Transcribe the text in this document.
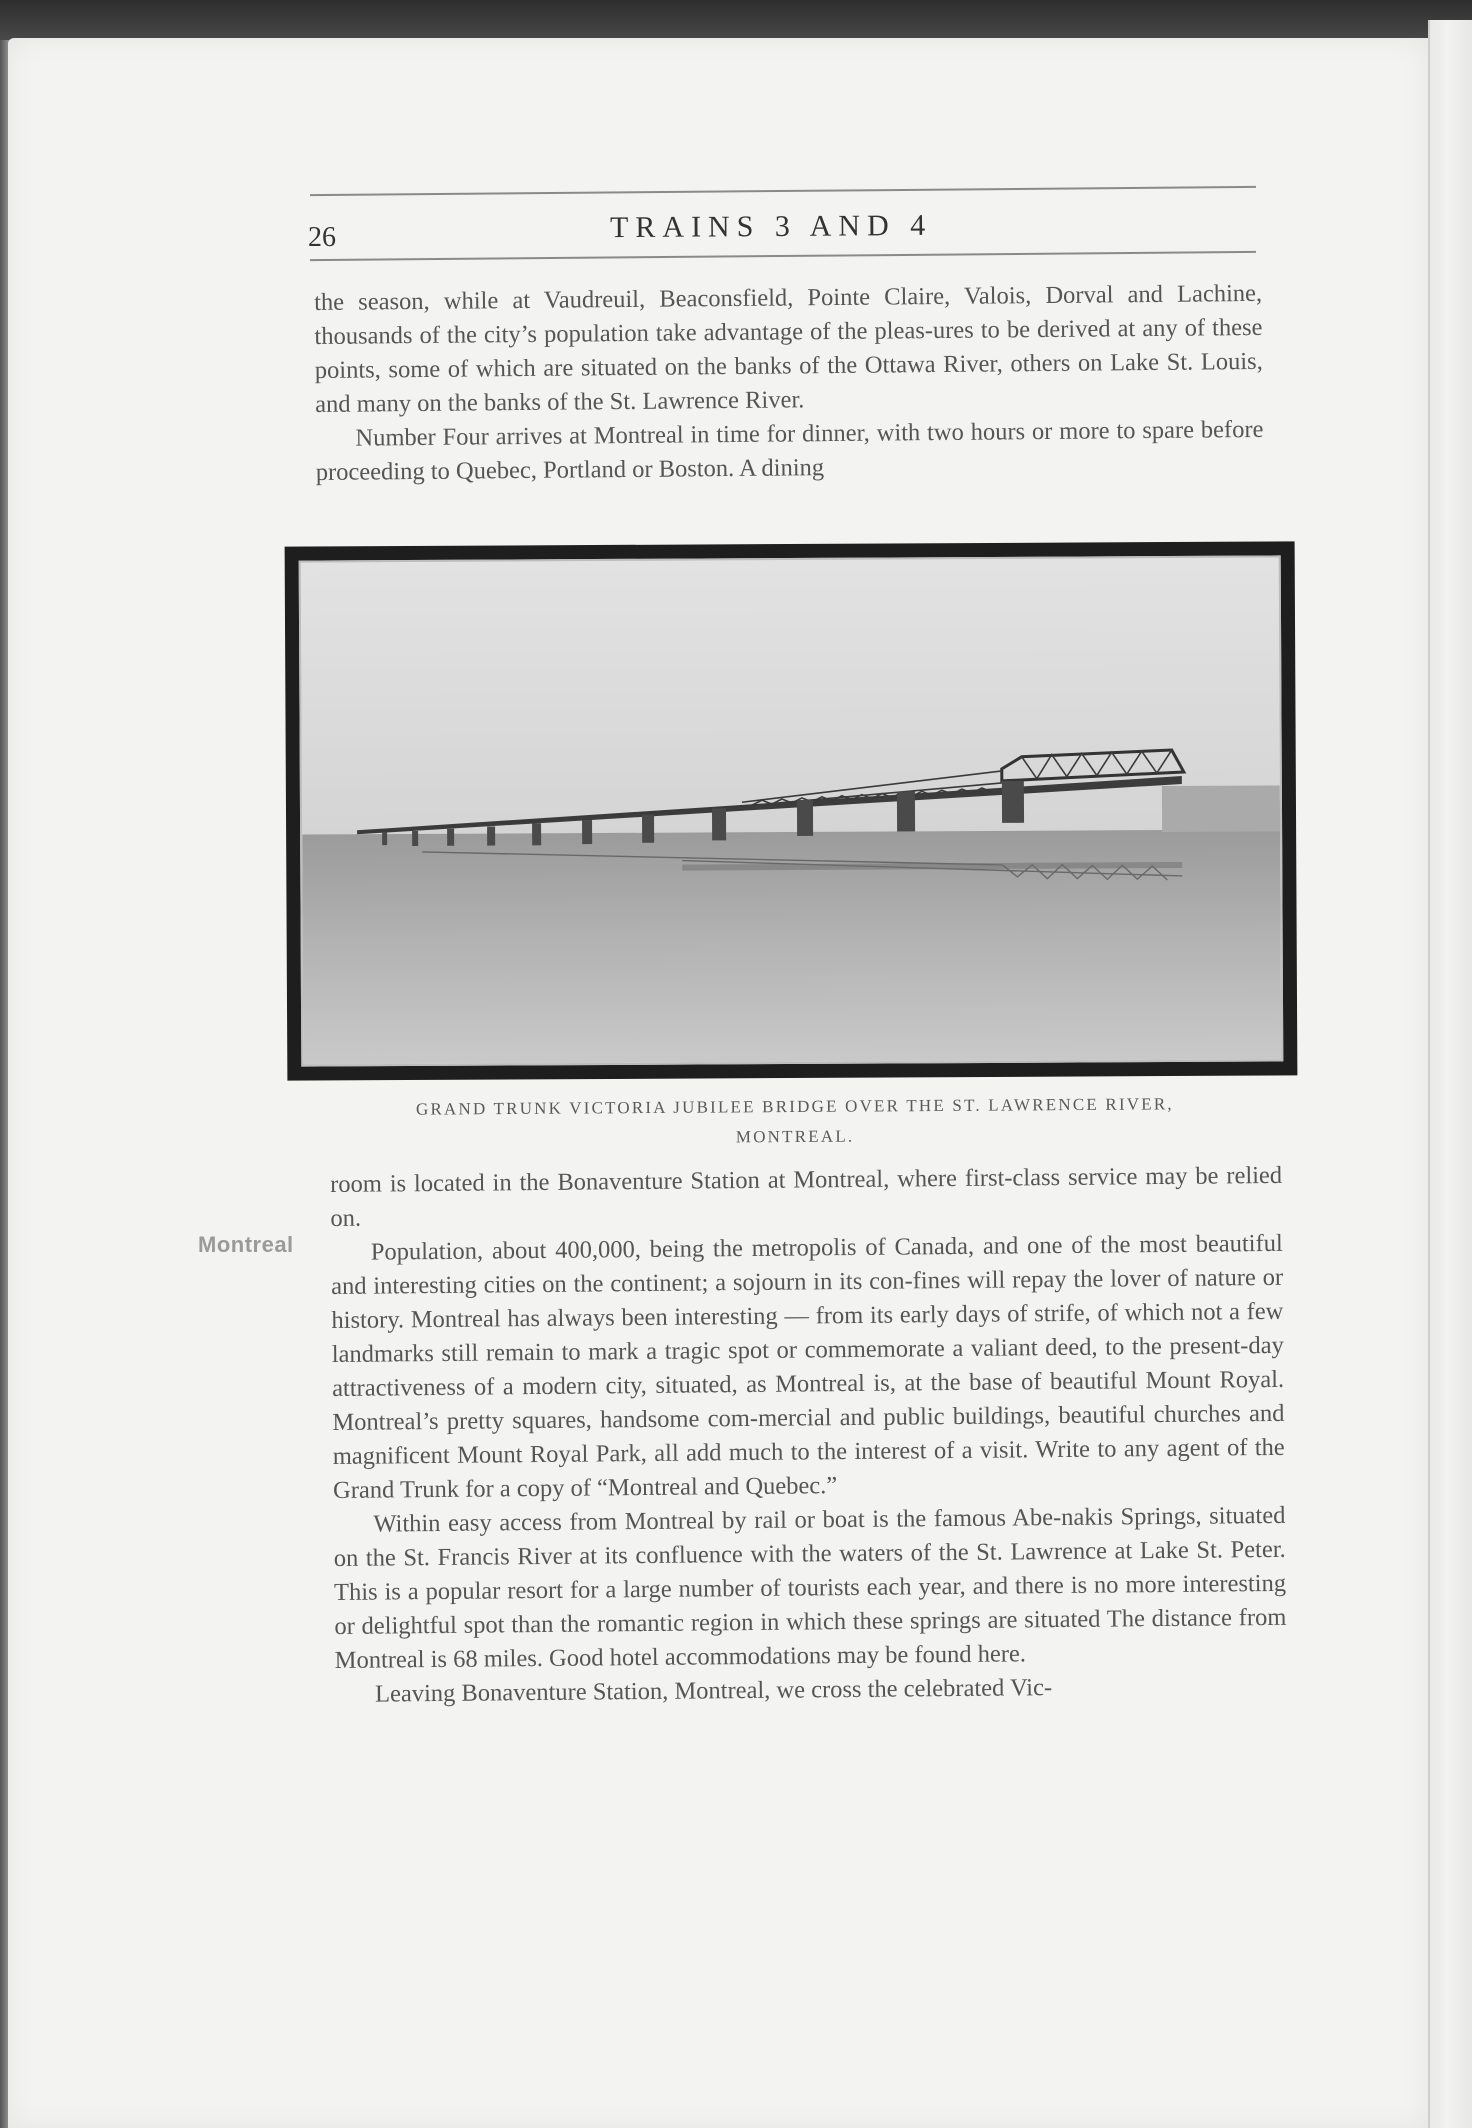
26	TRAINS 3 AND 4

the season, while at Vaudreuil, Beaconsfield, Pointe Claire, Valois, Dorval and Lachine, thousands of the city’s population take advantage of the pleas-ures to be derived at any of these points, some of which are situated on the banks of the Ottawa River, others on Lake St. Louis, and many on the banks of the St. Lawrence River.

Number Four arrives at Montreal in time for dinner, with two hours or more to spare before proceeding to Quebec, Portland or Boston. A dining

GRAND TRUNK VICTORIA JUBILEE BRIDGE OVER THE ST. LAWRENCE RIVER,
MONTREAL.
Montreal

room is located in the Bonaventure Station at Montreal, where first-class service may be relied on.

Population, about 400,000, being the metropolis of Canada, and one of the most beautiful and interesting cities on the continent; a sojourn in its con-fines will repay the lover of nature or history. Montreal has always been interesting — from its early days of strife, of which not a few landmarks still remain to mark a tragic spot or commemorate a valiant deed, to the present-day attractiveness of a modern city, situated, as Montreal is, at the base of beautiful Mount Royal. Montreal’s pretty squares, handsome com-mercial and public buildings, beautiful churches and magnificent Mount Royal Park, all add much to the interest of a visit. Write to any agent of the Grand Trunk for a copy of “Montreal and Quebec.”

Within easy access from Montreal by rail or boat is the famous Abe-nakis Springs, situated on the St. Francis River at its confluence with the waters of the St. Lawrence at Lake St. Peter. This is a popular resort for a large number of tourists each year, and there is no more interesting or delightful spot than the romantic region in which these springs are situated The distance from Montreal is 68 miles. Good hotel accommodations may be found here.

Leaving Bonaventure Station, Montreal, we cross the celebrated Vic-
